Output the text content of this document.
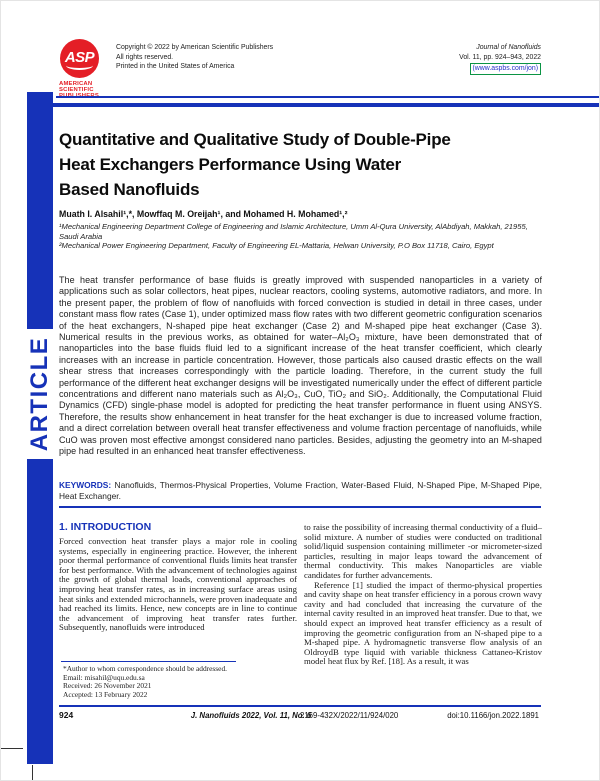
ASP
AMERICAN
SCIENTIFIC
Copyright © 2022 by American Scientific Publishers
All rights reserved.
Printed in the United States of America
Journal of Nanofluids
Vol. 11, pp. 924–943, 2022
(www.aspbs.com/jon)
ARTICLE
Quantitative and Qualitative Study of Double-Pipe
Heat Exchangers Performance Using Water
Based Nanofluids
Muath I. Alsahil¹,*, Mowffaq M. Oreijah¹, and Mohamed H. Mohamed¹,²
¹Mechanical Engineering Department College of Engineering and Islamic Architecture, Umm Al-Qura University, AlAbdiyah, Makkah, 21955, Saudi Arabia
²Mechanical Power Engineering Department, Faculty of Engineering EL-Mattaria, Helwan University, P.O Box 11718, Cairo, Egypt
The heat transfer performance of base fluids is greatly improved with suspended nanoparticles in a variety of applications such as solar collectors, heat pipes, nuclear reactors, cooling systems, automotive radiators, and more. In the present paper, the problem of flow of nanofluids with forced convection is studied in detail in three cases, under constant mass flow rates (Case 1), under optimized mass flow rates with two different geometric configuration scenarios of the heat exchangers, N-shaped pipe heat exchanger (Case 2) and M-shaped pipe heat exchanger (Case 3). Numerical results in the previous works, as obtained for water–Al₂O₃ mixture, have been demonstrated that of nanoparticles into the base fluids fluid led to a significant increase of the heat transfer coefficient, which clearly increases with an increase in particle concentration. However, those particals also caused drastic effects on the wall shear stress that increases correspondingly with the particle loading. Therefore, in the current study the full performance of the different heat exchanger designs will be investigated numerically under the effect of different particle concentrations and different nano materials such as Al₂O₃, CuO, TiO₂ and SiO₂. Additionally, the Computational Fluid Dynamics (CFD) single-phase model is adopted for predicting the heat transfer performance in fluent using ANSYS. Therefore, the results show enhancement in heat transfer for the heat exchanger is due to increased volume fraction, and a direct correlation between overall heat transfer effectiveness and volume fraction percentage of nanofluids, while CuO was proven most effective amongst considered nano particles. Besides, adjusting the geometry into an M-shaped pipe had resulted in an enhanced heat transfer effectiveness.
KEYWORDS: Nanofluids, Thermos-Physical Properties, Volume Fraction, Water-Based Fluid, N-Shaped Pipe, M-Shaped Pipe, Heat Exchanger.
1. INTRODUCTION
Forced convection heat transfer plays a major role in cooling systems, especially in engineering practice. However, the inherent poor thermal performance of conventional fluids limits heat transfer for best performance. With the advancement of technologies against the growth of global thermal loads, conventional approaches of improving heat transfer rates, as in increasing surface areas using heat sinks and extended microchannels, were proven inadequate and had reached its limits. Hence, new concepts are in line to continue the advancement of improving heat transfer rates further. Subsequently, nanofluids were introduced

to raise the possibility of increasing thermal conductivity of a fluid–solid mixture. A number of studies were conducted on traditional solid/liquid suspension containing millimeter -or micrometer-sized particles, resulting in major leaps toward the advancement of thermal conductivity. This makes Nanoparticles are viable candidates for further advancements.

Reference [1] studied the impact of thermo-physical properties and cavity shape on heat transfer efficiency in a porous crown wavy cavity and had concluded that increasing the curvature of the internal cavity resulted in an improved heat transfer. Due to that, we should expect an improved heat transfer efficiency as a result of improving the geometric configuration from an N-shaped pipe to a M-shaped pipe. A hydromagnetic transverse flow analysis of an OldroydB type liquid with variable thickness Cattaneo-Kristov model heat flux by Ref. [18]. As a result, it was

*Author to whom correspondence should be addressed.
Email: misahil@uqu.edu.sa
Received: 26 November 2021
Accepted: 13 February 2022
924	J. Nanofluids 2022, Vol. 11, No. 6
2169-432X/2022/11/924/020	doi:10.1166/jon.2022.1891
